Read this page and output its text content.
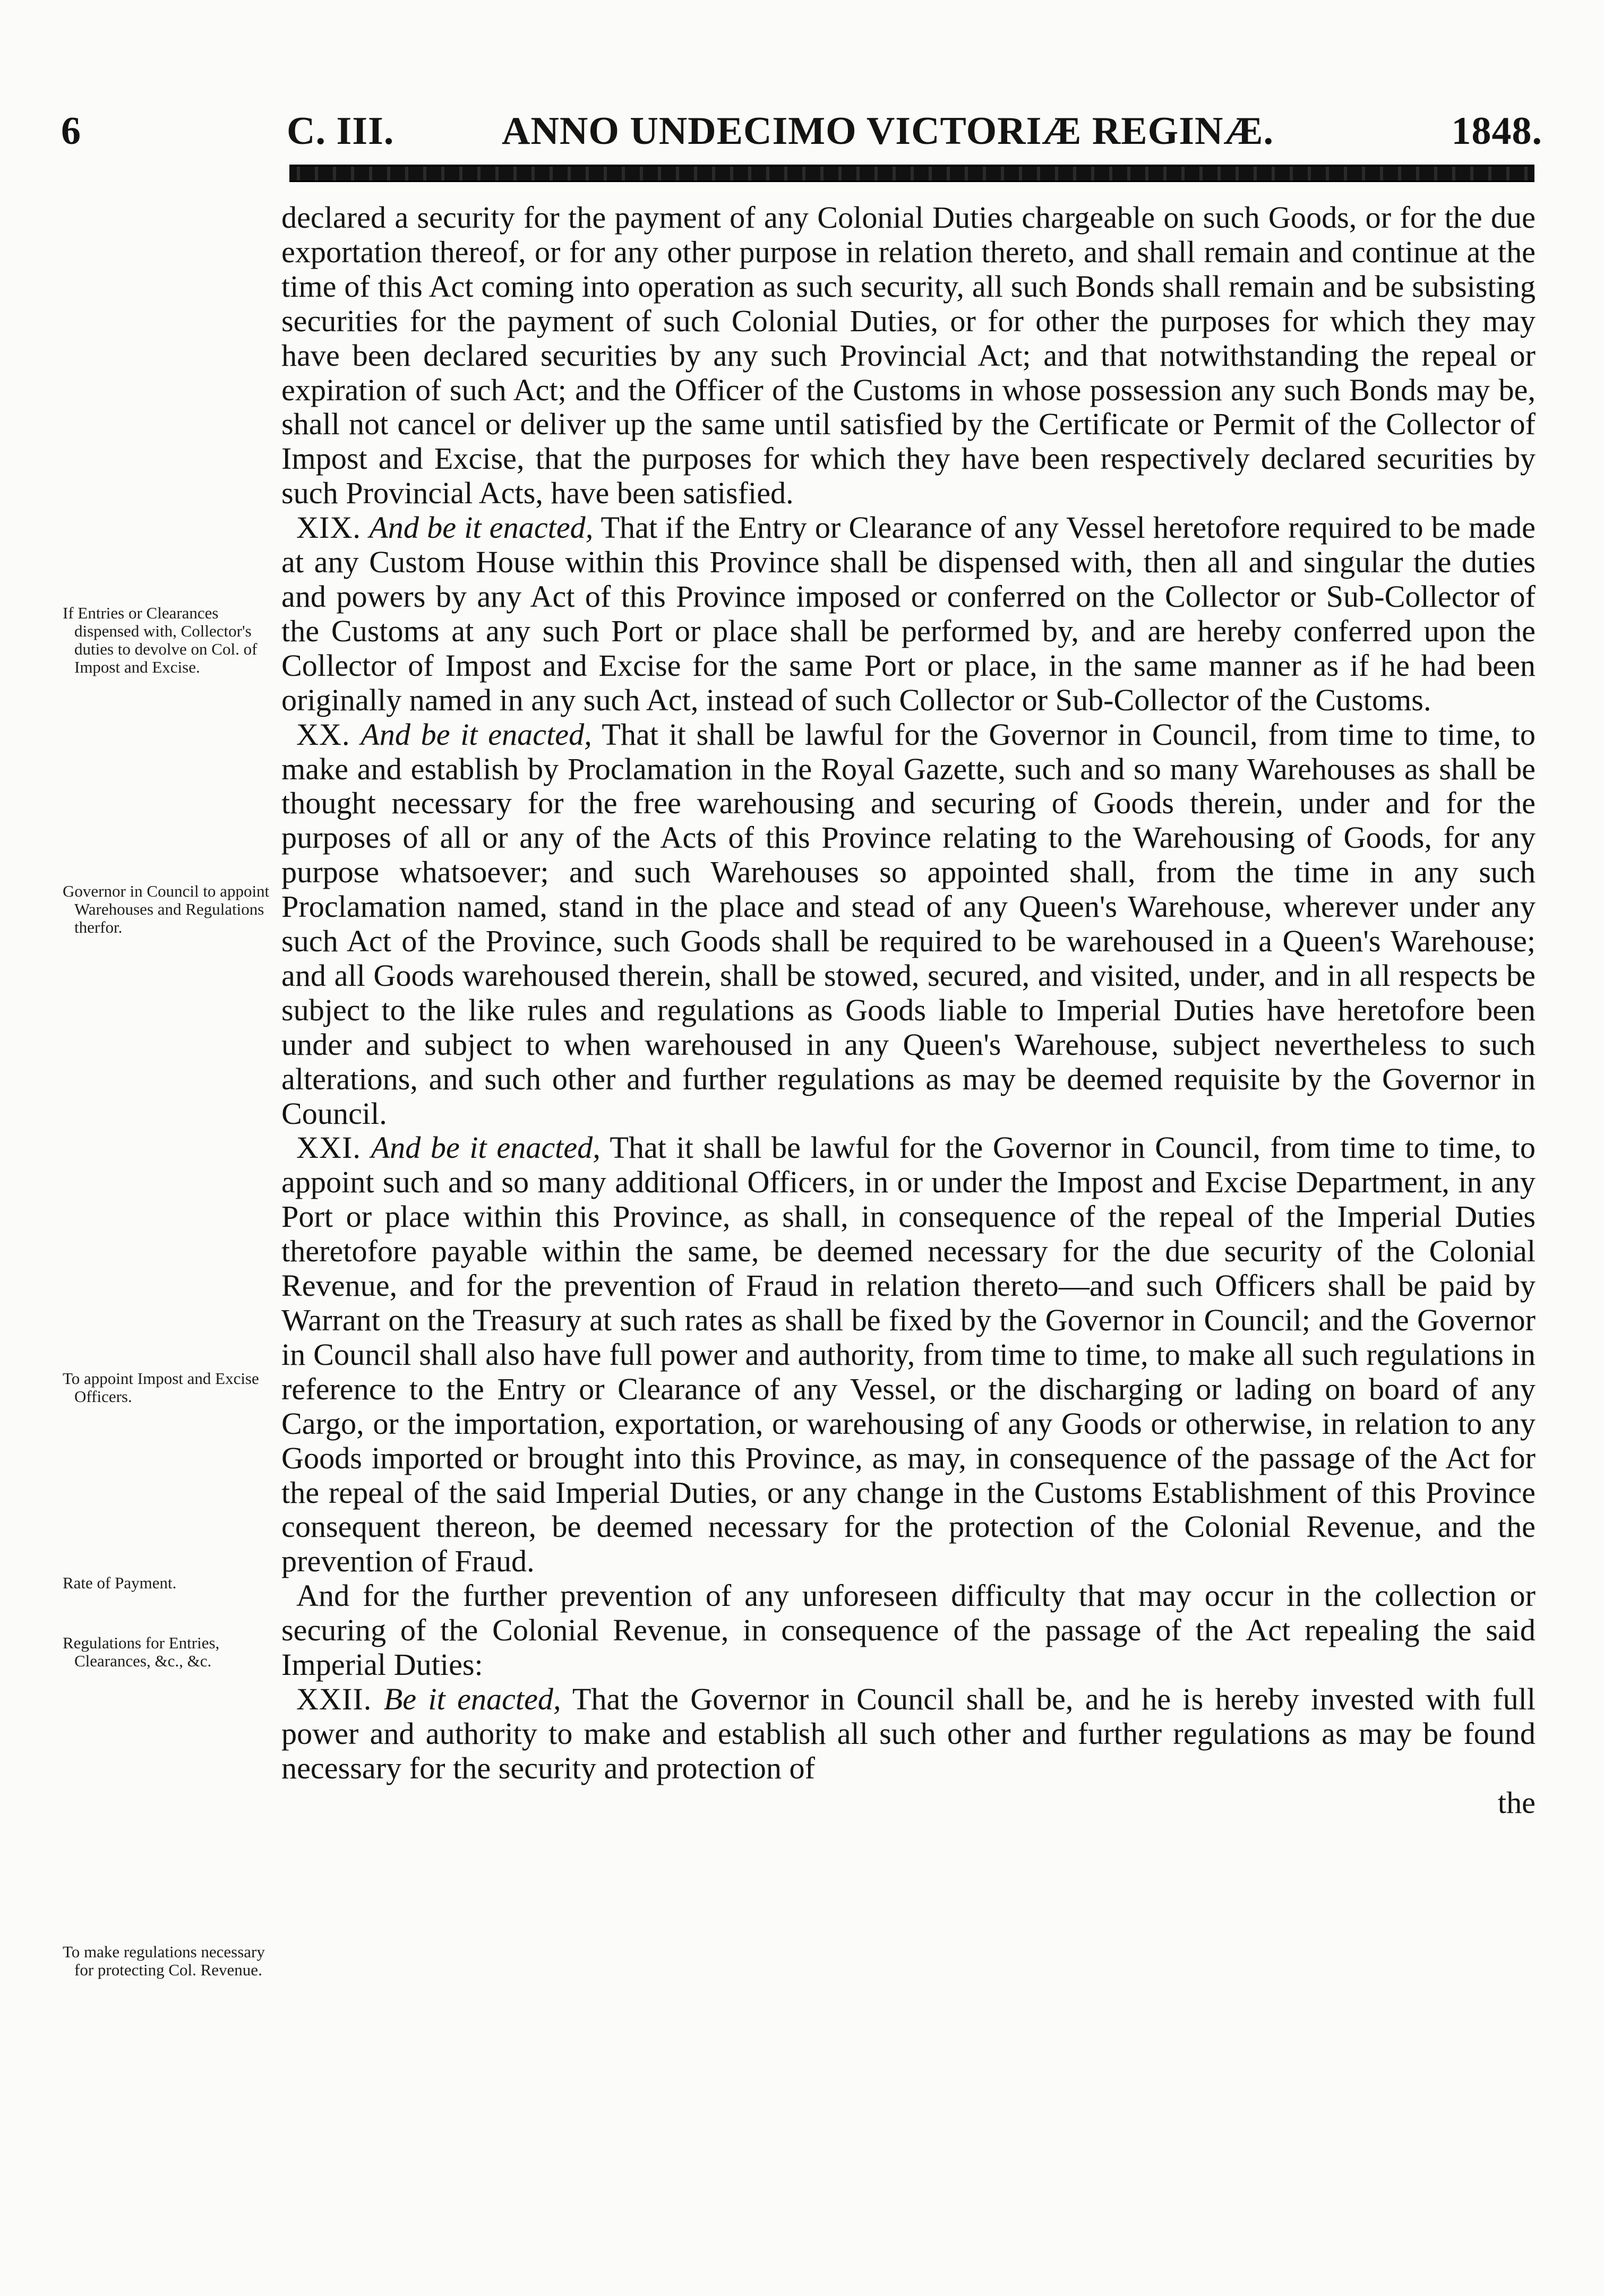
6	C. III.	ANNO UNDECIMO VICTORIÆ REGINÆ.	1848.
If Entries or Clearances dispensed with, Collector's duties to devolve on Col. of Impost and Excise.
Governor in Council to appoint Warehouses and Regulations therfor.
To appoint Impost and Excise Officers.
Rate of Payment.
Regulations for Entries, Clearances, &c., &c.
To make regulations necessary for protecting Col. Revenue.

declared a security for the payment of any Colonial Duties chargeable on such Goods, or for the due exportation thereof, or for any other purpose in relation thereto, and shall remain and continue at the time of this Act coming into operation as such security, all such Bonds shall remain and be subsisting securities for the payment of such Colonial Duties, or for other the purposes for which they may have been declared securities by any such Provincial Act; and that notwithstanding the repeal or expiration of such Act; and the Officer of the Customs in whose possession any such Bonds may be, shall not cancel or deliver up the same until satisfied by the Certificate or Permit of the Collector of Impost and Excise, that the purposes for which they have been respectively declared securities by such Provincial Acts, have been satisfied.

XIX. And be it enacted, That if the Entry or Clearance of any Vessel heretofore required to be made at any Custom House within this Province shall be dispensed with, then all and singular the duties and powers by any Act of this Province imposed or conferred on the Collector or Sub-Collector of the Customs at any such Port or place shall be performed by, and are hereby conferred upon the Collector of Impost and Excise for the same Port or place, in the same manner as if he had been originally named in any such Act, instead of such Collector or Sub-Collector of the Customs.

XX. And be it enacted, That it shall be lawful for the Governor in Council, from time to time, to make and establish by Proclamation in the Royal Gazette, such and so many Warehouses as shall be thought necessary for the free warehousing and securing of Goods therein, under and for the purposes of all or any of the Acts of this Province relating to the Warehousing of Goods, for any purpose whatsoever; and such Warehouses so appointed shall, from the time in any such Proclamation named, stand in the place and stead of any Queen's Warehouse, wherever under any such Act of the Province, such Goods shall be required to be warehoused in a Queen's Warehouse; and all Goods warehoused therein, shall be stowed, secured, and visited, under, and in all respects be subject to the like rules and regulations as Goods liable to Imperial Duties have heretofore been under and subject to when warehoused in any Queen's Warehouse, subject nevertheless to such alterations, and such other and further regulations as may be deemed requisite by the Governor in Council.

XXI. And be it enacted, That it shall be lawful for the Governor in Council, from time to time, to appoint such and so many additional Officers, in or under the Impost and Excise Department, in any Port or place within this Province, as shall, in consequence of the repeal of the Imperial Duties theretofore payable within the same, be deemed necessary for the due security of the Colonial Revenue, and for the prevention of Fraud in relation thereto—and such Officers shall be paid by Warrant on the Treasury at such rates as shall be fixed by the Governor in Council; and the Governor in Council shall also have full power and authority, from time to time, to make all such regulations in reference to the Entry or Clearance of any Vessel, or the discharging or lading on board of any Cargo, or the importation, exportation, or warehousing of any Goods or otherwise, in relation to any Goods imported or brought into this Province, as may, in consequence of the passage of the Act for the repeal of the said Imperial Duties, or any change in the Customs Establishment of this Province consequent thereon, be deemed necessary for the protection of the Colonial Revenue, and the prevention of Fraud.

And for the further prevention of any unforeseen difficulty that may occur in the collection or securing of the Colonial Revenue, in consequence of the passage of the Act repealing the said Imperial Duties:

XXII. Be it enacted, That the Governor in Council shall be, and he is hereby invested with full power and authority to make and establish all such other and further regulations as may be found necessary for the security and protection of

the
